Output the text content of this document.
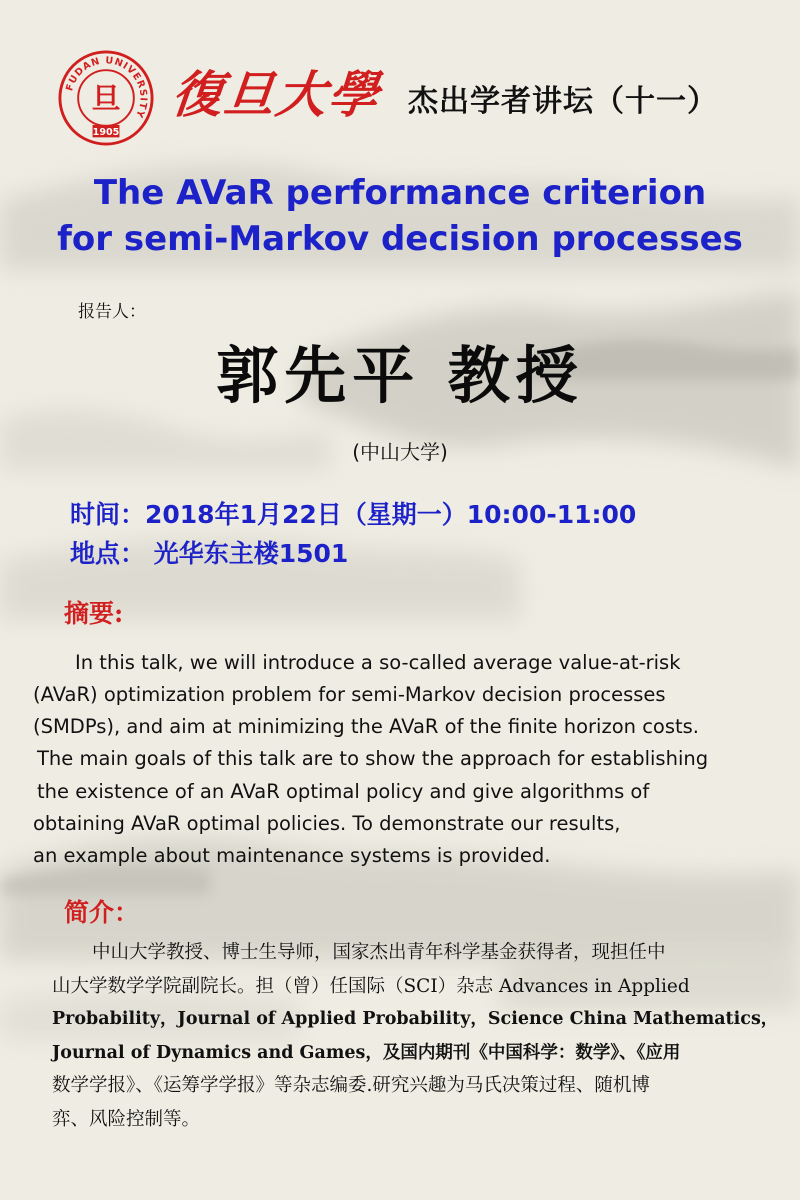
FUDAN UNIVERSITY
1905
旦 復旦大學 杰出学者讲坛（十一）
The AVaR performance criterion
for semi-Markov decision processes
报告人：
郭先平 教授
(中山大学)
时间：2018年1月22日（星期一）10:00-11:00
地点： 光华东主楼1501
摘要:
In this talk, we will introduce a so-called average value-at-risk
(AVaR) optimization problem for semi-Markov decision processes
(SMDPs), and aim at minimizing the AVaR of the finite horizon costs.
The main goals of this talk are to show the approach for establishing
the existence of an AVaR optimal policy and give algorithms of
obtaining AVaR optimal policies. To demonstrate our results,
an example about maintenance systems is provided.
简介：
中山大学教授、博士生导师，国家杰出青年科学基金获得者，现担任中
山大学数学学院副院长。担（曾）任国际（SCI）杂志 Advances in Applied
Probability，Journal of Applied Probability，Science China Mathematics，
Journal of Dynamics and Games，及国内期刊《中国科学：数学》、《应用
数学学报》、《运筹学学报》等杂志编委.研究兴趣为马氏决策过程、随机博
弈、风险控制等。
